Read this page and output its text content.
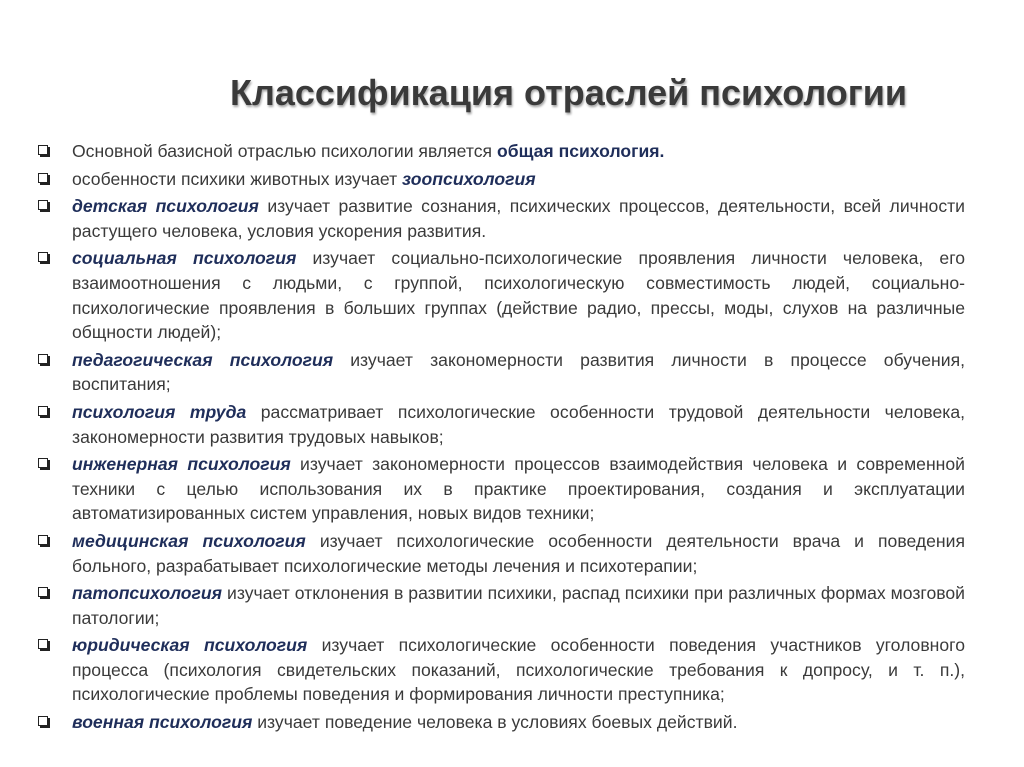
Классификация отраслей психологии
Основной базисной отраслью психологии является общая психология.
особенности психики животных изучает зоопсихология
детская психология изучает развитие сознания, психических процессов, деятельности, всей личности растущего человека, условия ускорения развития.
социальная психология изучает социально-психологические проявления личности человека, его взаимоотношения с людьми, с группой, психологическую совместимость людей, социально-психологические проявления в больших группах (действие радио, прессы, моды, слухов на различные общности людей);
педагогическая психология изучает закономерности развития личности в процессе обучения, воспитания;
психология труда рассматривает психологические особенности трудовой деятельности человека, закономерности развития трудовых навыков;
инженерная психология изучает закономерности процессов взаимодействия человека и современной техники с целью использования их в практике проектирования, создания и эксплуатации автоматизированных систем управления, новых видов техники;
медицинская психология изучает психологические особенности деятельности врача и поведения больного, разрабатывает психологические методы лечения и психотерапии;
патопсихология изучает отклонения в развитии психики, распад психики при различных формах мозговой патологии;
юридическая психология изучает психологические особенности поведения участников уголовного процесса (психология свидетельских показаний, психологические требования к допросу, и т. п.), психологические проблемы поведения и формирования личности преступника;
военная психология изучает поведение человека в условиях боевых действий.
